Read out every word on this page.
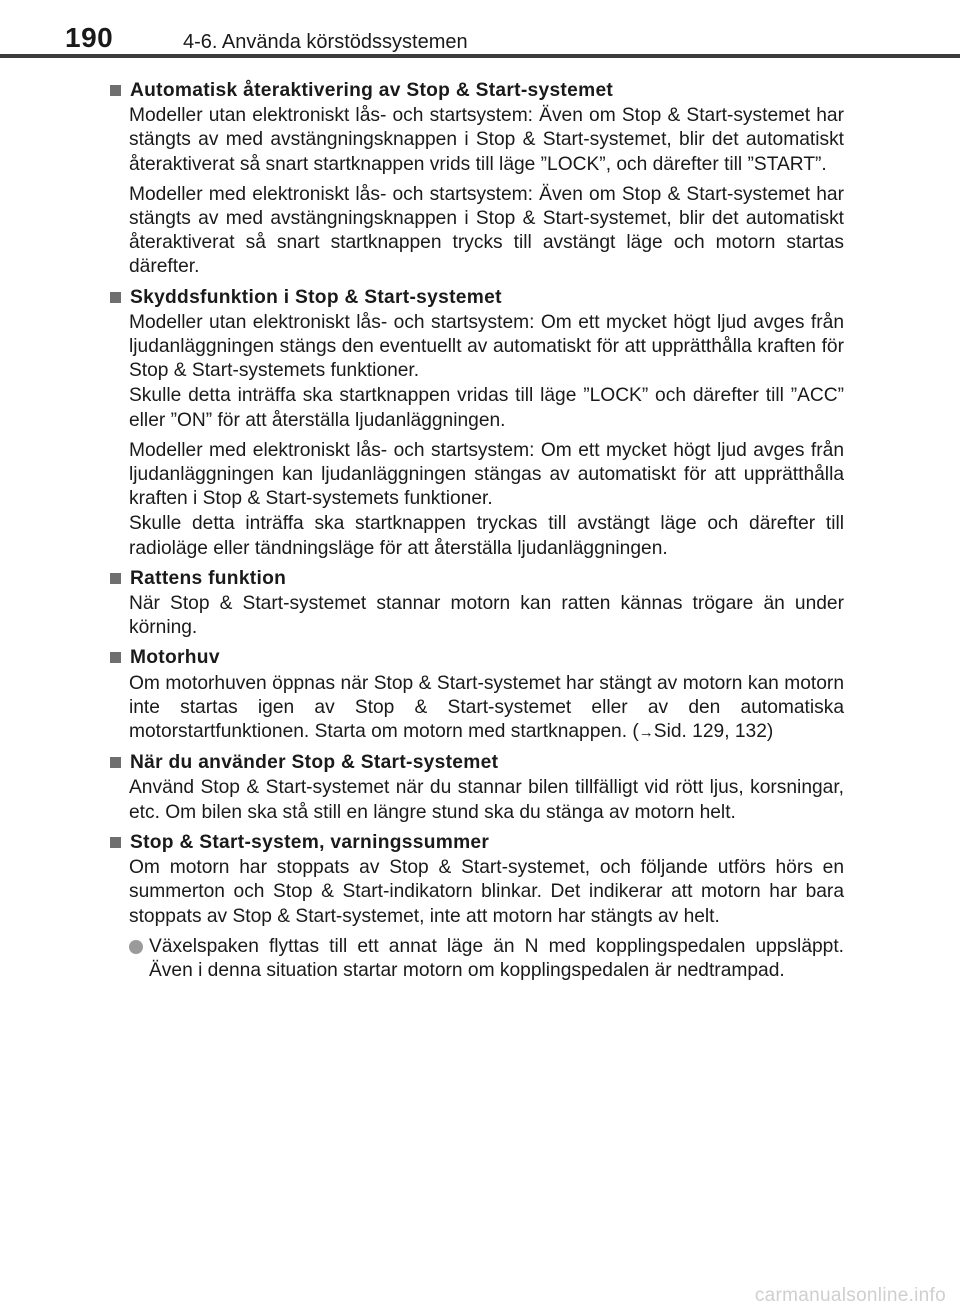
190	4-6. Använda körstödssystemen
Automatisk återaktivering av Stop & Start-systemet

Modeller utan elektroniskt lås- och startsystem: Även om Stop & Start-systemet har stängts av med avstängningsknappen i Stop & Start-systemet, blir det automatiskt återaktiverat så snart startknappen vrids till läge ”LOCK”, och därefter till ”START”.

Modeller med elektroniskt lås- och startsystem: Även om Stop & Start-systemet har stängts av med avstängningsknappen i Stop & Start-systemet, blir det automatiskt återaktiverat så snart startknappen trycks till avstängt läge och motorn startas därefter.

Skyddsfunktion i Stop & Start-systemet

Modeller utan elektroniskt lås- och startsystem: Om ett mycket högt ljud avges från ljudanläggningen stängs den eventuellt av automatiskt för att upprätthålla kraften för Stop & Start-systemets funktioner.

Skulle detta inträffa ska startknappen vridas till läge ”LOCK” och därefter till ”ACC” eller ”ON” för att återställa ljudanläggningen.

Modeller med elektroniskt lås- och startsystem: Om ett mycket högt ljud avges från ljudanläggningen kan ljudanläggningen stängas av automatiskt för att upprätthålla kraften i Stop & Start-systemets funktioner.

Skulle detta inträffa ska startknappen tryckas till avstängt läge och därefter till radioläge eller tändningsläge för att återställa ljudanläggningen.

Rattens funktion

När Stop & Start-systemet stannar motorn kan ratten kännas trögare än under körning.

Motorhuv

Om motorhuven öppnas när Stop & Start-systemet har stängt av motorn kan motorn inte startas igen av Stop & Start-systemet eller av den automatiska motorstartfunktionen. Starta om motorn med startknappen. (→Sid. 129, 132)

När du använder Stop & Start-systemet

Använd Stop & Start-systemet när du stannar bilen tillfälligt vid rött ljus, korsningar, etc. Om bilen ska stå still en längre stund ska du stänga av motorn helt.

Stop & Start-system, varningssummer

Om motorn har stoppats av Stop & Start-systemet, och följande utförs hörs en summerton och Stop & Start-indikatorn blinkar. Det indikerar att motorn har bara stoppats av Stop & Start-systemet, inte att motorn har stängts av helt.

Växelspaken flyttas till ett annat läge än N med kopplingspedalen uppsläppt. Även i denna situation startar motorn om kopplingspedalen är nedtrampad.
carmanualsonline.info
